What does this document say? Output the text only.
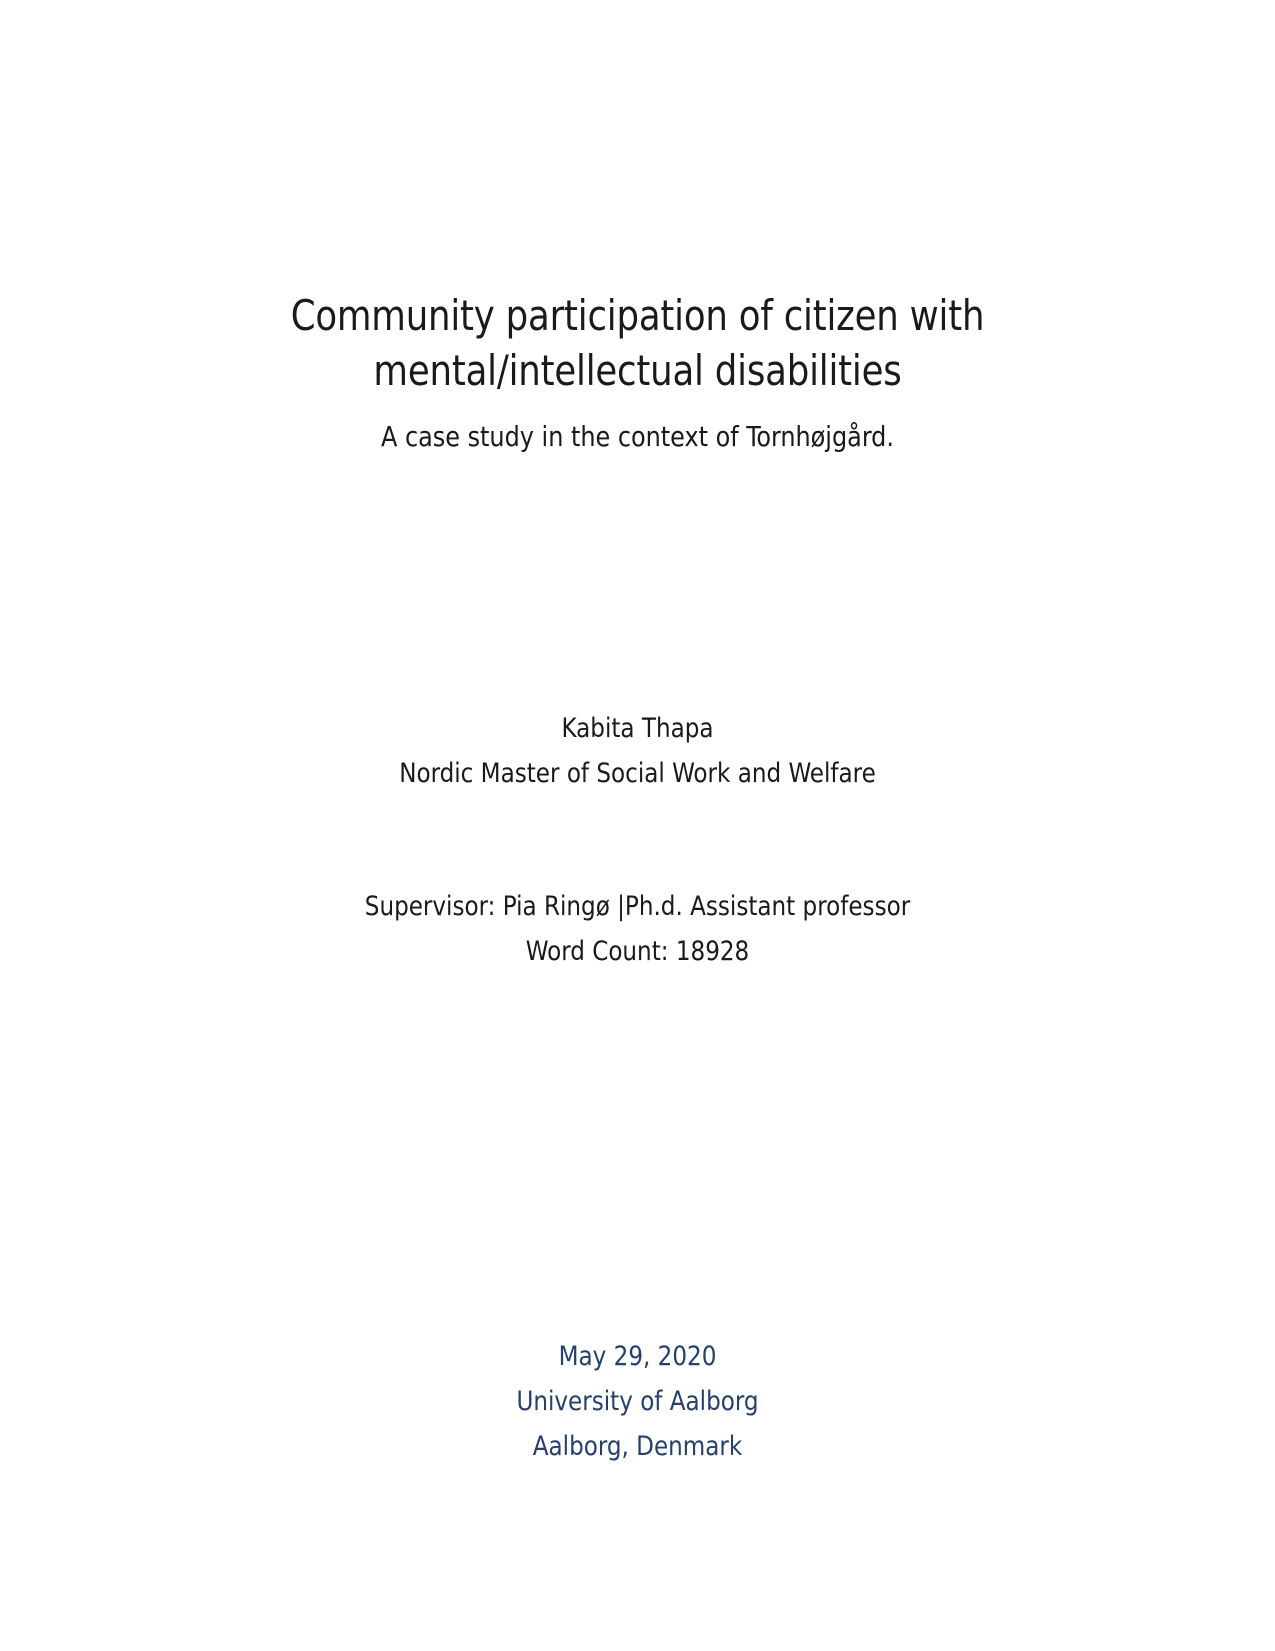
Community participation of citizen with
mental/intellectual disabilities
A case study in the context of Tornhøjgård.
Kabita Thapa
Nordic Master of Social Work and Welfare
Supervisor: Pia Ringø |Ph.d. Assistant professor
Word Count: 18928
May 29, 2020
University of Aalborg
Aalborg, Denmark
